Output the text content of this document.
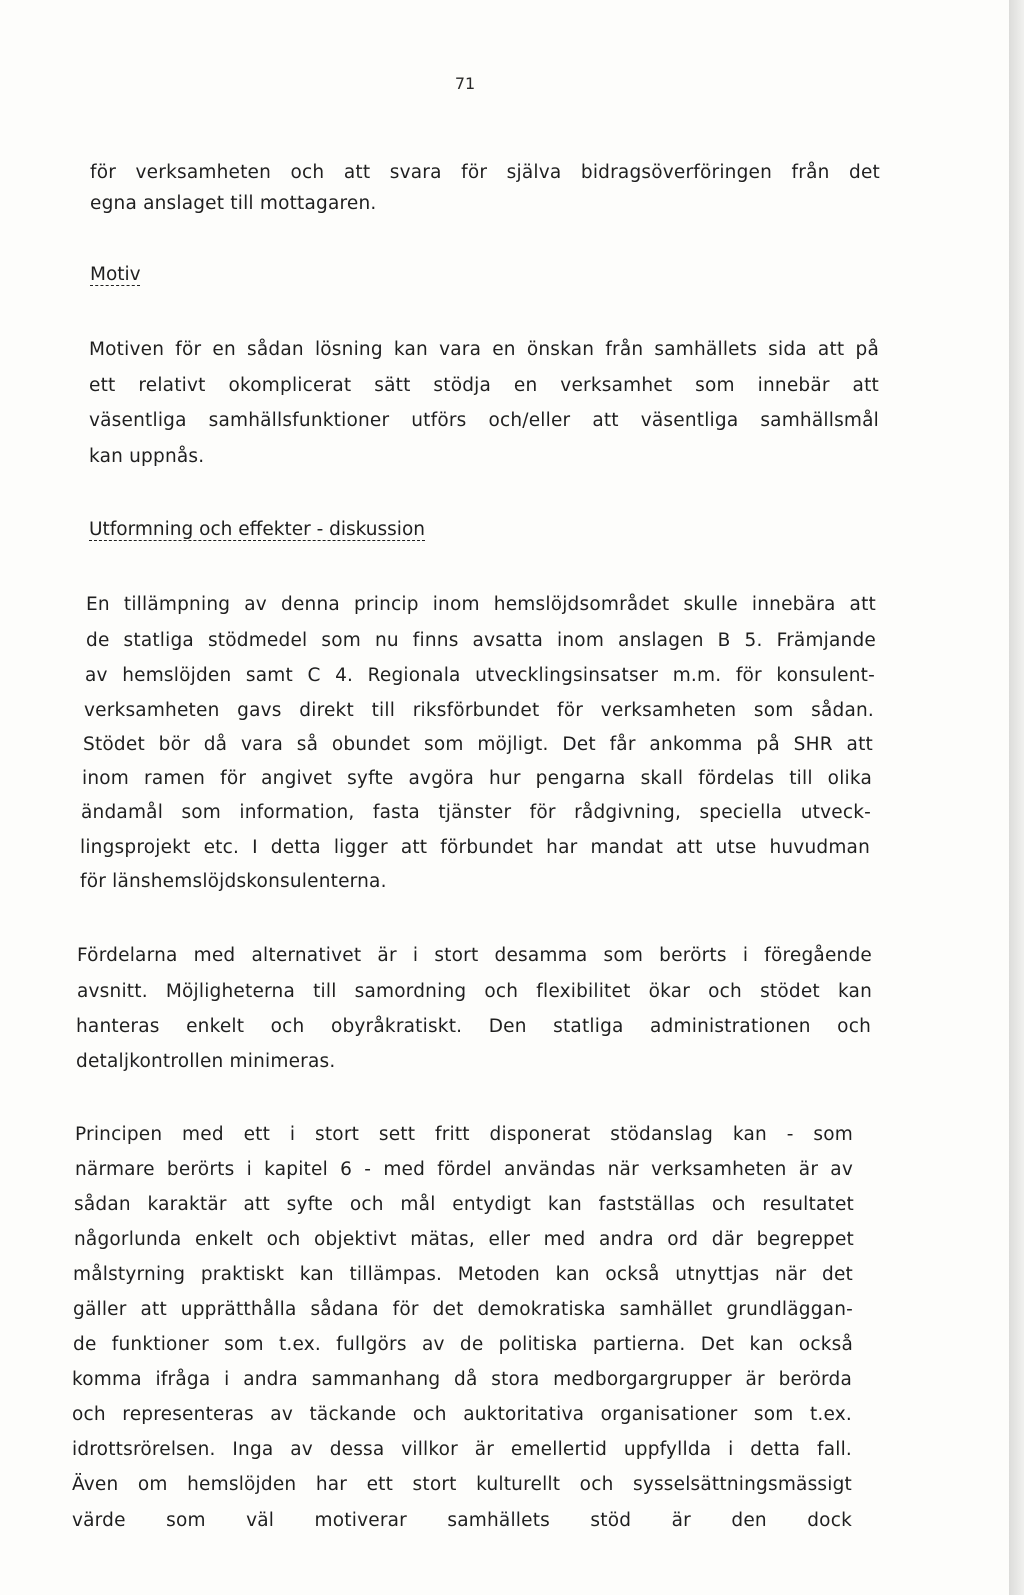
71
för verksamheten och att svara för själva bidragsöverföringen från det
egna anslaget till mottagaren.
Motiv
Motiven för en sådan lösning kan vara en önskan från samhällets sida att på
ett relativt okomplicerat sätt stödja en verksamhet som innebär att
väsentliga samhällsfunktioner utförs och/eller att väsentliga samhällsmål
kan uppnås.
Utformning och effekter - diskussion
En tillämpning av denna princip inom hemslöjdsområdet skulle innebära att
de statliga stödmedel som nu finns avsatta inom anslagen B 5. Främjande
av hemslöjden samt C 4. Regionala utvecklingsinsatser m.m. för konsulent-
verksamheten gavs direkt till riksförbundet för verksamheten som sådan.
Stödet bör då vara så obundet som möjligt. Det får ankomma på SHR att
inom ramen för angivet syfte avgöra hur pengarna skall fördelas till olika
ändamål som information, fasta tjänster för rådgivning, speciella utveck-
lingsprojekt etc. I detta ligger att förbundet har mandat att utse huvudman
för länshemslöjdskonsulenterna.
Fördelarna med alternativet är i stort desamma som berörts i föregående
avsnitt. Möjligheterna till samordning och flexibilitet ökar och stödet kan
hanteras enkelt och obyråkratiskt. Den statliga administrationen och
detaljkontrollen minimeras.
Principen med ett i stort sett fritt disponerat stödanslag kan - som
närmare berörts i kapitel 6 - med fördel användas när verksamheten är av
sådan karaktär att syfte och mål entydigt kan fastställas och resultatet
någorlunda enkelt och objektivt mätas, eller med andra ord där begreppet
målstyrning praktiskt kan tillämpas. Metoden kan också utnyttjas när det
gäller att upprätthålla sådana för det demokratiska samhället grundläggan-
de funktioner som t.ex. fullgörs av de politiska partierna. Det kan också
komma ifråga i andra sammanhang då stora medborgargrupper är berörda
och representeras av täckande och auktoritativa organisationer som t.ex.
idrottsrörelsen. Inga av dessa villkor är emellertid uppfyllda i detta fall.
Även om hemslöjden har ett stort kulturellt och sysselsättningsmässigt
värde som väl motiverar samhällets stöd är den dock
